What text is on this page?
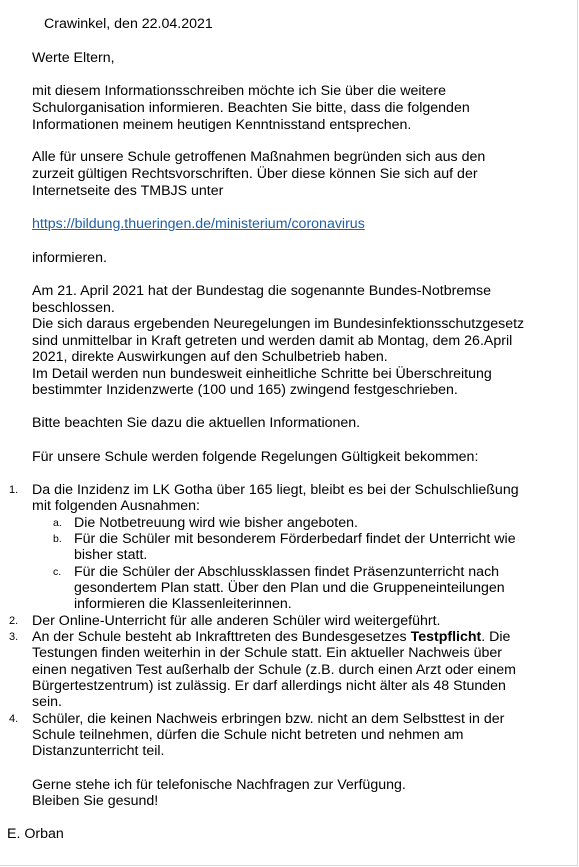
Crawinkel, den 22.04.2021
Werte Eltern,
mit diesem Informationsschreiben möchte ich Sie über die weitere
Schulorganisation informieren. Beachten Sie bitte, dass die folgenden
Informationen meinem heutigen Kenntnisstand entsprechen.
Alle für unsere Schule getroffenen Maßnahmen begründen sich aus den
zurzeit gültigen Rechtsvorschriften. Über diese können Sie sich auf der
Internetseite des TMBJS unter
https://bildung.thueringen.de/ministerium/coronavirus
informieren.
Am 21. April 2021 hat der Bundestag die sogenannte Bundes-Notbremse
beschlossen.
Die sich daraus ergebenden Neuregelungen im Bundesinfektionsschutzgesetz
sind unmittelbar in Kraft getreten und werden damit ab Montag, dem 26.April
2021, direkte Auswirkungen auf den Schulbetrieb haben.
Im Detail werden nun bundesweit einheitliche Schritte bei Überschreitung
bestimmter Inzidenzwerte (100 und 165) zwingend festgeschrieben.
Bitte beachten Sie dazu die aktuellen Informationen.
Für unsere Schule werden folgende Regelungen Gültigkeit bekommen:
1. Da die Inzidenz im LK Gotha über 165 liegt, bleibt es bei der Schulschließung
mit folgenden Ausnahmen:
a. Die Notbetreuung wird wie bisher angeboten.
b. Für die Schüler mit besonderem Förderbedarf findet der Unterricht wie
bisher statt.
c. Für die Schüler der Abschlussklassen findet Präsenzunterricht nach
gesondertem Plan statt. Über den Plan und die Gruppeneinteilungen
informieren die Klassenleiterinnen.
2. Der Online-Unterricht für alle anderen Schüler wird weitergeführt.
3. An der Schule besteht ab Inkrafttreten des Bundesgesetzes Testpflicht. Die
Testungen finden weiterhin in der Schule statt. Ein aktueller Nachweis über
einen negativen Test außerhalb der Schule (z.B. durch einen Arzt oder einem
Bürgertestzentrum) ist zulässig. Er darf allerdings nicht älter als 48 Stunden
sein.
4. Schüler, die keinen Nachweis erbringen bzw. nicht an dem Selbsttest in der
Schule teilnehmen, dürfen die Schule nicht betreten und nehmen am
Distanzunterricht teil.
Gerne stehe ich für telefonische Nachfragen zur Verfügung.
Bleiben Sie gesund!
E. Orban
